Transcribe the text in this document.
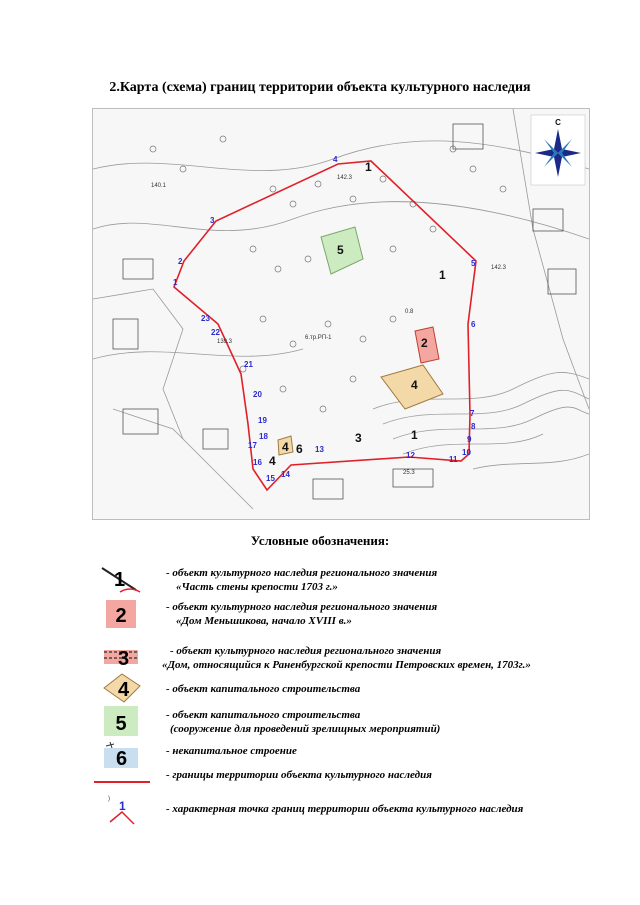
2.Карта (схема) границ территории объекта культурного наследия
1
1
2
3
4
4
5
6
4
1
1
2
3
4
5
6
7
8
9
10
11
12
13
14
15
16
17
18
19
20
21
22
23
142.3
140.1
139.3
142.3
25.3
0.8
6.тр.РП-1
С
Условные обозначения:
1	- объект культурного наследия регионального значения
«Часть стены крепости 1703 г.»
2	- объект культурного наследия регионального значения
«Дом Меньшикова, начало XVIII в.»
3	- объект культурного наследия регионального значения
«Дом, относящийся к Раненбургской крепости Петровских времен, 1703г.»
4	- объект капитального строительства
5	- объект капитального строительства
(сооружение для проведений зрелищных мероприятий)
6	- некапитальное строение
- границы территории объекта культурного наследия
1
)
- характерная точка границ территории объекта культурного наследия
